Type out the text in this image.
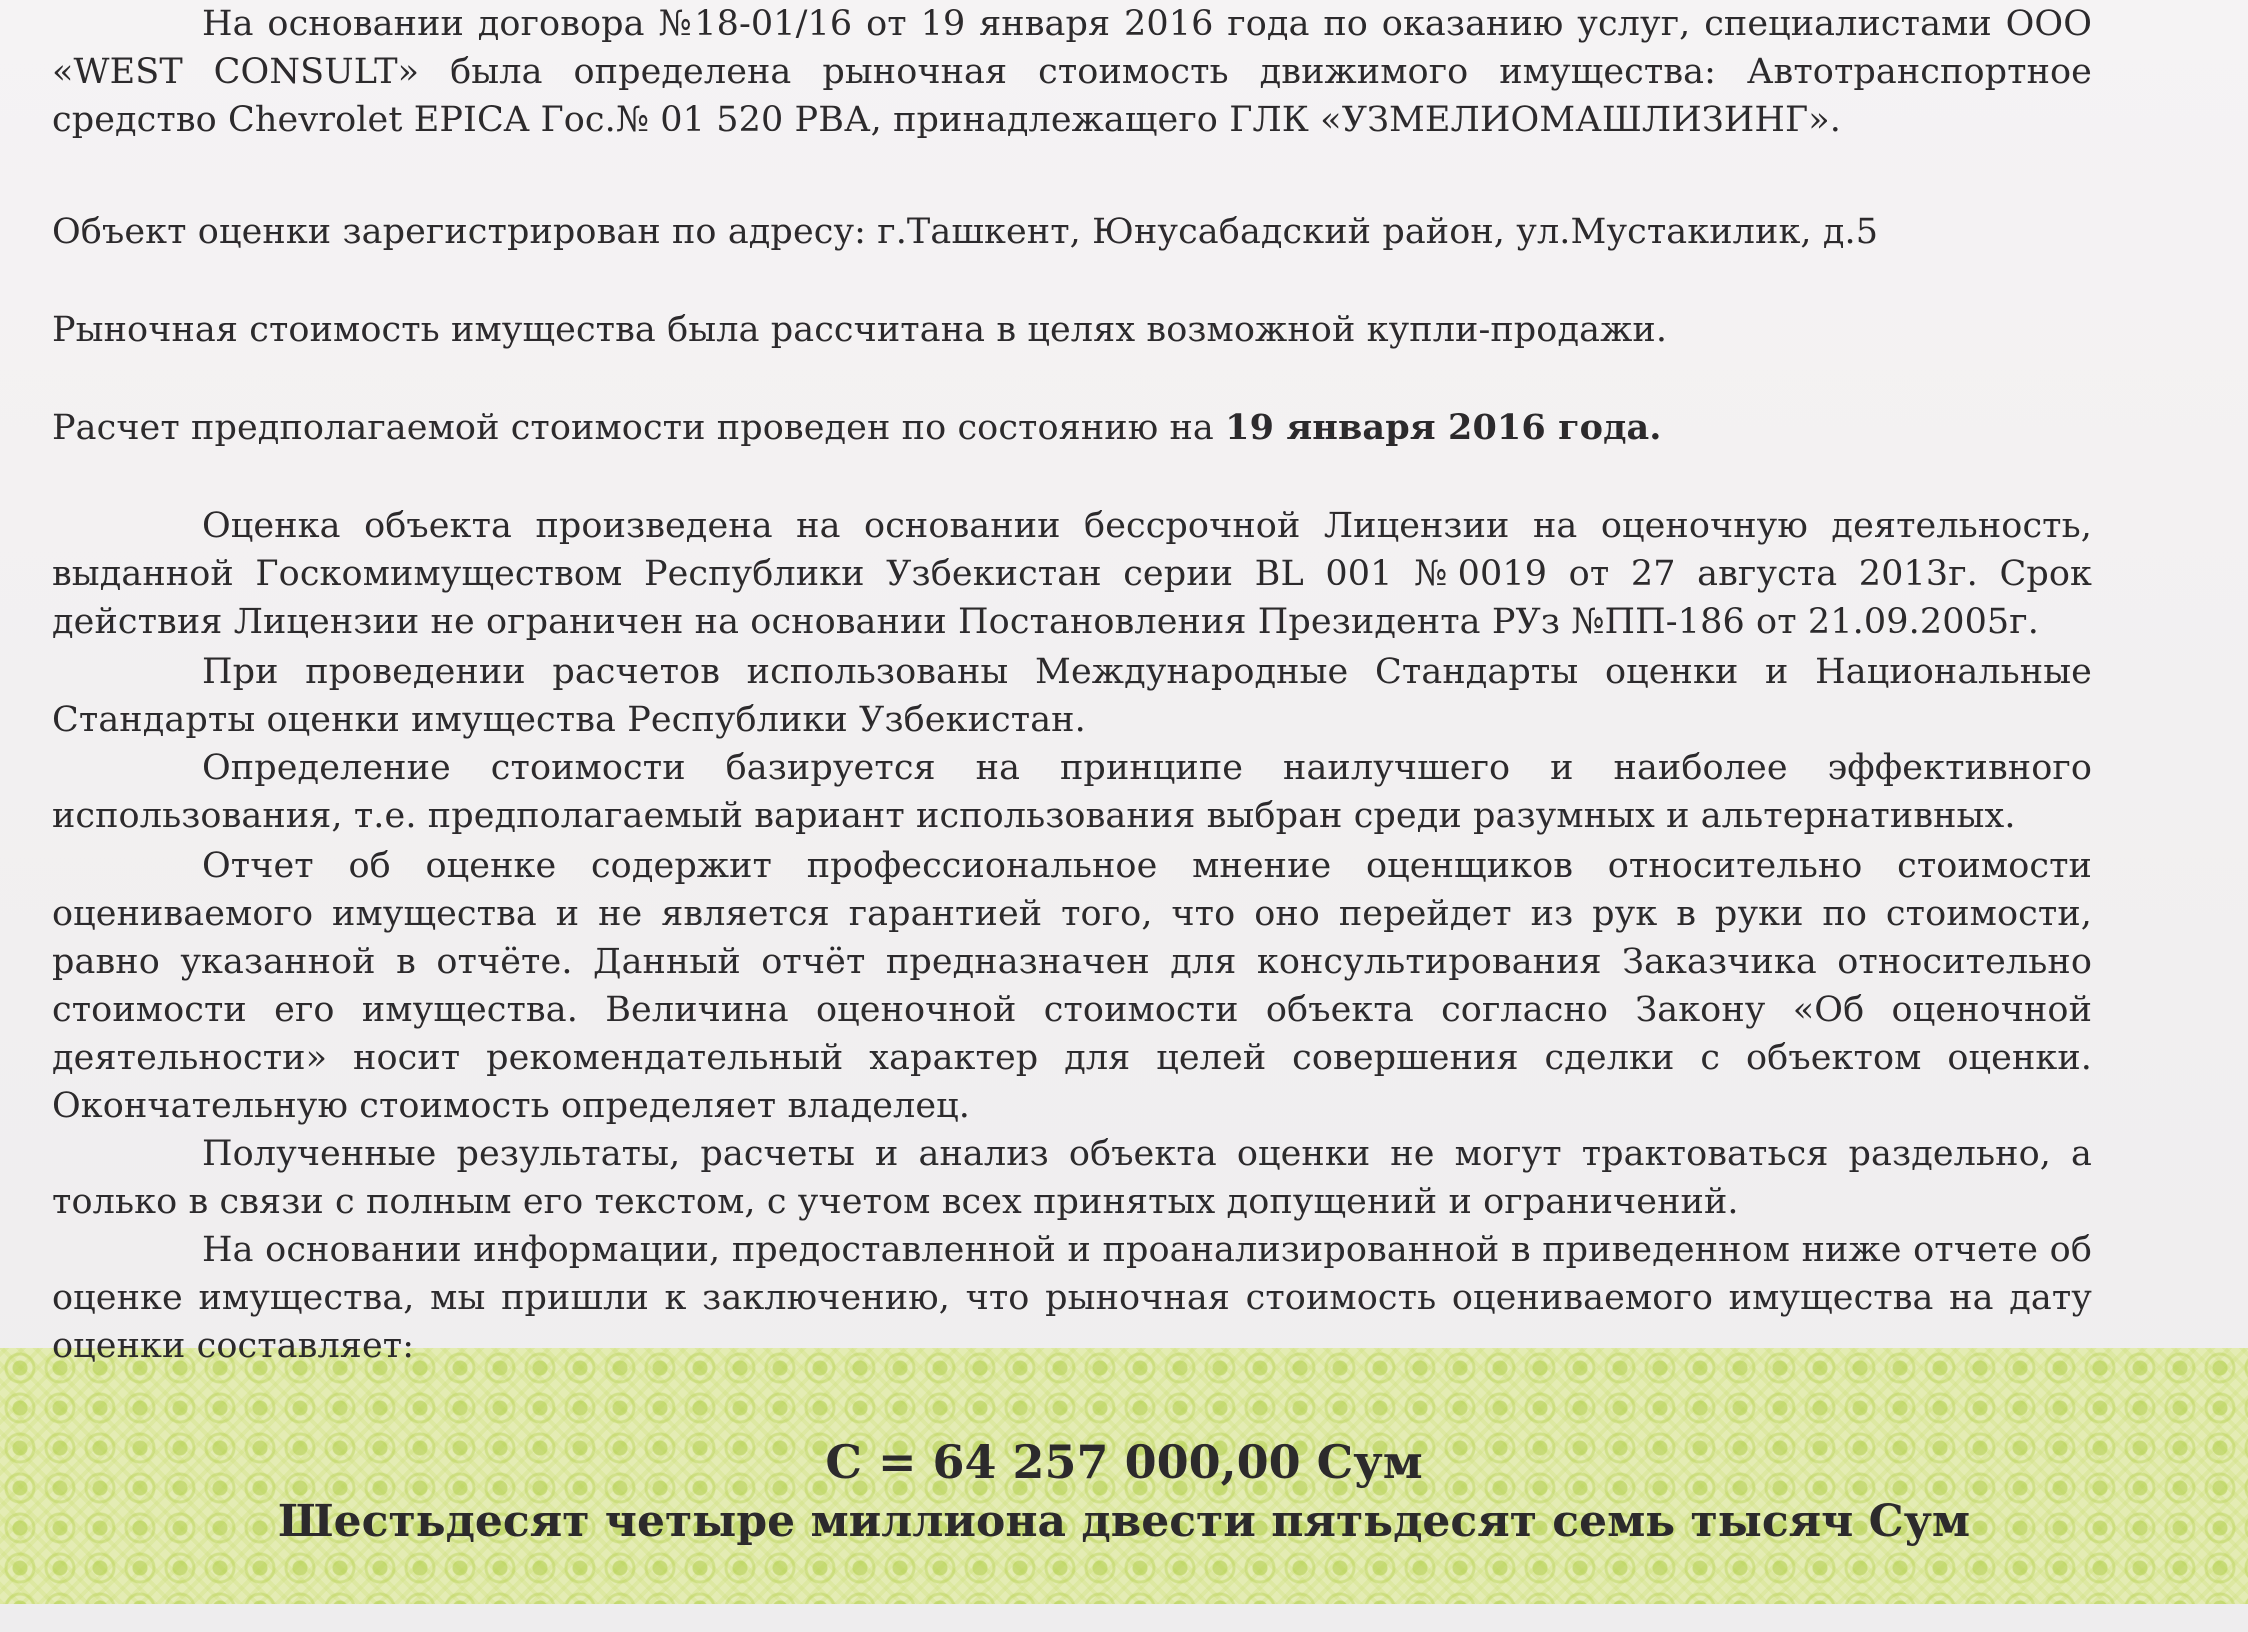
На основании договора №18-01/16 от 19 января 2016 года по оказанию услуг, специалистами ООО «WEST CONSULT» была определена рыночная стоимость движимого имущества: Автотранспортное средство Chevrolet EPICA Гос.№ 01 520 РВА, принадлежащего ГЛК «УЗМЕЛИОМАШЛИЗИНГ».

Объект оценки зарегистрирован по адресу: г.Ташкент, Юнусабадский район, ул.Мустакилик, д.5

Рыночная стоимость имущества была рассчитана в целях возможной купли-продажи.

Расчет предполагаемой стоимости проведен по состоянию на 19 января 2016 года.

Оценка объекта произведена на основании бессрочной Лицензии на оценочную деятельность, выданной Госкомимуществом Республики Узбекистан серии BL 001 №0019 от 27 августа 2013г. Срок действия Лицензии не ограничен на основании Постановления Президента РУз №ПП-186 от 21.09.2005г.

При проведении расчетов использованы Международные Стандарты оценки и Национальные Стандарты оценки имущества Республики Узбекистан.

Определение стоимости базируется на принципе наилучшего и наиболее эффективного использования, т.е. предполагаемый вариант использования выбран среди разумных и альтернативных.

Отчет об оценке содержит профессиональное мнение оценщиков относительно стоимости оцениваемого имущества и не является гарантией того, что оно перейдет из рук в руки по стоимости, равно указанной в отчёте. Данный отчёт предназначен для консультирования Заказчика относительно стоимости его имущества. Величина оценочной стоимости объекта согласно Закону «Об оценочной деятельности» носит рекомендательный характер для целей совершения сделки с объектом оценки. Окончательную стоимость определяет владелец.

Полученные результаты, расчеты и анализ объекта оценки не могут трактоваться раздельно, а только в связи с полным его текстом, с учетом всех принятых допущений и ограничений.

На основании информации, предоставленной и проанализированной в приведенном ниже отчете об оценке имущества, мы пришли к заключению, что рыночная стоимость оцениваемого имущества на дату оценки составляет:

С = 64 257 000,00 Сум

Шестьдесят четыре миллиона двести пятьдесят семь тысяч Сум
